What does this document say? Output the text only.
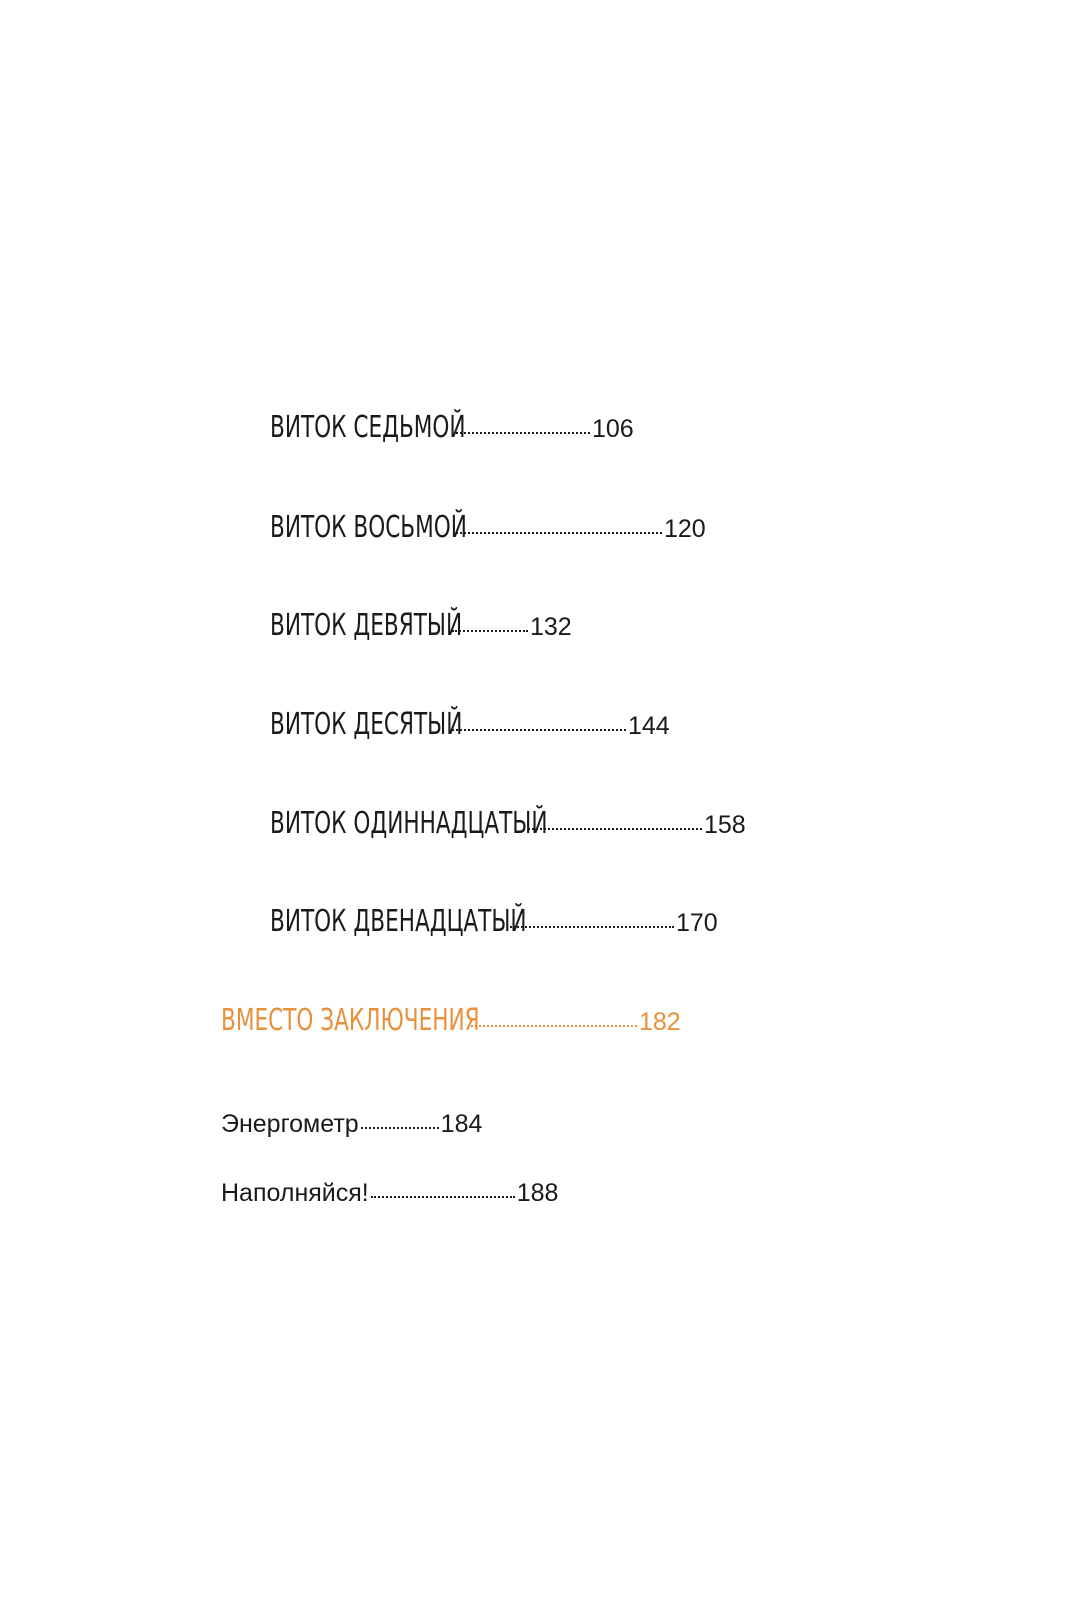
ВИТОК СЕДЬМОЙ	106
ВИТОК ВОСЬМОЙ	120
ВИТОК ДЕВЯТЫЙ	132
ВИТОК ДЕСЯТЫЙ	144
ВИТОК ОДИННАДЦАТЫЙ	158
ВИТОК ДВЕНАДЦАТЫЙ	170
ВМЕСТО ЗАКЛЮЧЕНИЯ	182
Энергометр	184
Наполняйся!	188
